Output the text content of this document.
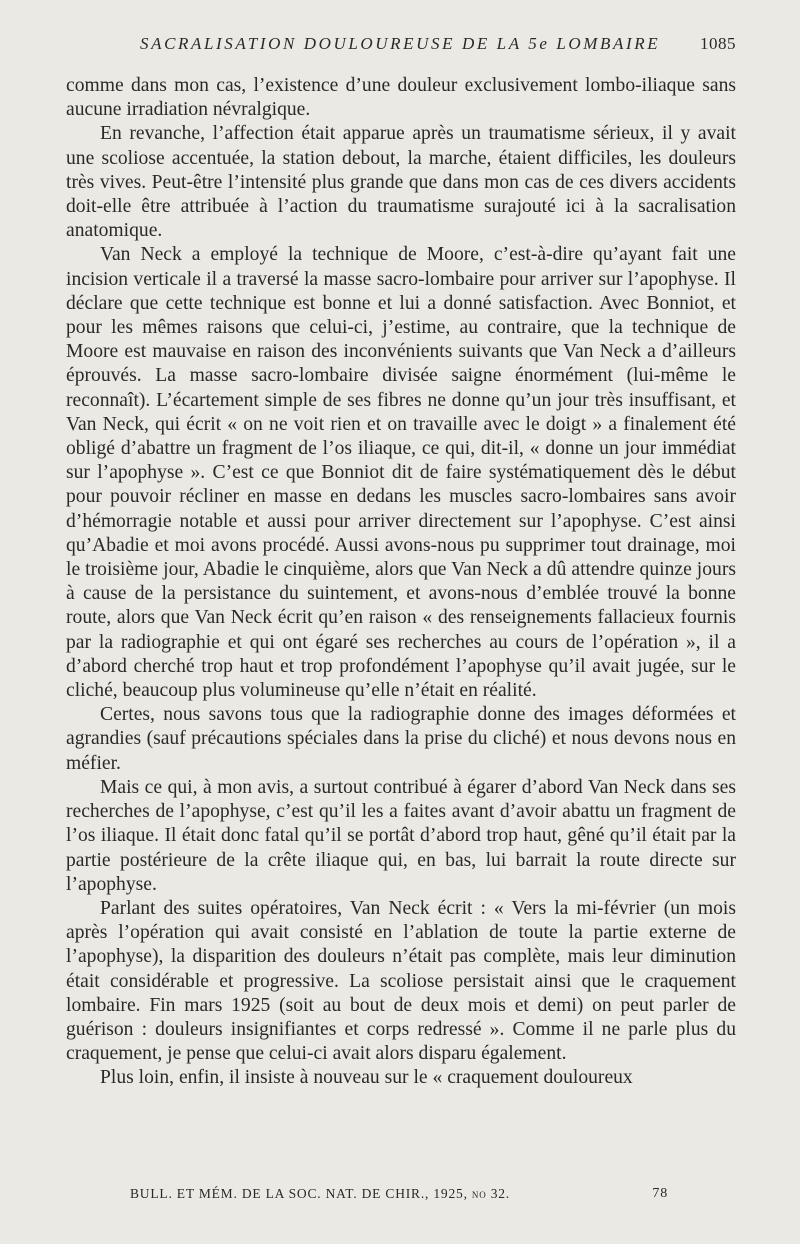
SACRALISATION DOULOUREUSE DE LA 5e LOMBAIRE 1085

comme dans mon cas, l’existence d’une douleur exclusivement lombo-iliaque sans aucune irradiation névralgique.

En revanche, l’affection était apparue après un traumatisme sérieux, il y avait une scoliose accentuée, la station debout, la marche, étaient difficiles, les douleurs très vives. Peut-être l’intensité plus grande que dans mon cas de ces divers accidents doit-elle être attribuée à l’action du traumatisme surajouté ici à la sacralisation anatomique.

Van Neck a employé la technique de Moore, c’est-à-dire qu’ayant fait une incision verticale il a traversé la masse sacro-lombaire pour arriver sur l’apophyse. Il déclare que cette technique est bonne et lui a donné satisfaction. Avec Bonniot, et pour les mêmes raisons que celui-ci, j’estime, au contraire, que la technique de Moore est mauvaise en raison des inconvénients suivants que Van Neck a d’ailleurs éprouvés. La masse sacro-lombaire divisée saigne énormément (lui-même le reconnaît). L’écartement simple de ses fibres ne donne qu’un jour très insuffisant, et Van Neck, qui écrit « on ne voit rien et on travaille avec le doigt » a finalement été obligé d’abattre un fragment de l’os iliaque, ce qui, dit-il, « donne un jour immédiat sur l’apophyse ». C’est ce que Bonniot dit de faire systématiquement dès le début pour pouvoir récliner en masse en dedans les muscles sacro-lombaires sans avoir d’hémorragie notable et aussi pour arriver directement sur l’apophyse. C’est ainsi qu’Abadie et moi avons procédé. Aussi avons-nous pu supprimer tout drainage, moi le troisième jour, Abadie le cinquième, alors que Van Neck a dû attendre quinze jours à cause de la persistance du suintement, et avons-nous d’emblée trouvé la bonne route, alors que Van Neck écrit qu’en raison « des renseignements fallacieux fournis par la radiographie et qui ont égaré ses recherches au cours de l’opération », il a d’abord cherché trop haut et trop profondément l’apophyse qu’il avait jugée, sur le cliché, beaucoup plus volumineuse qu’elle n’était en réalité.

Certes, nous savons tous que la radiographie donne des images déformées et agrandies (sauf précautions spéciales dans la prise du cliché) et nous devons nous en méfier.

Mais ce qui, à mon avis, a surtout contribué à égarer d’abord Van Neck dans ses recherches de l’apophyse, c’est qu’il les a faites avant d’avoir abattu un fragment de l’os iliaque. Il était donc fatal qu’il se portât d’abord trop haut, gêné qu’il était par la partie postérieure de la crête iliaque qui, en bas, lui barrait la route directe sur l’apophyse.

Parlant des suites opératoires, Van Neck écrit : « Vers la mi-février (un mois après l’opération qui avait consisté en l’ablation de toute la partie externe de l’apophyse), la disparition des douleurs n’était pas complète, mais leur diminution était considérable et progressive. La scoliose persistait ainsi que le craquement lombaire. Fin mars 1925 (soit au bout de deux mois et demi) on peut parler de guérison : douleurs insignifiantes et corps redressé ». Comme il ne parle plus du craquement, je pense que celui-ci avait alors disparu également.

Plus loin, enfin, il insiste à nouveau sur le « craquement douloureux

BULL. ET MÉM. DE LA SOC. NAT. DE CHIR., 1925, no 32.	78
